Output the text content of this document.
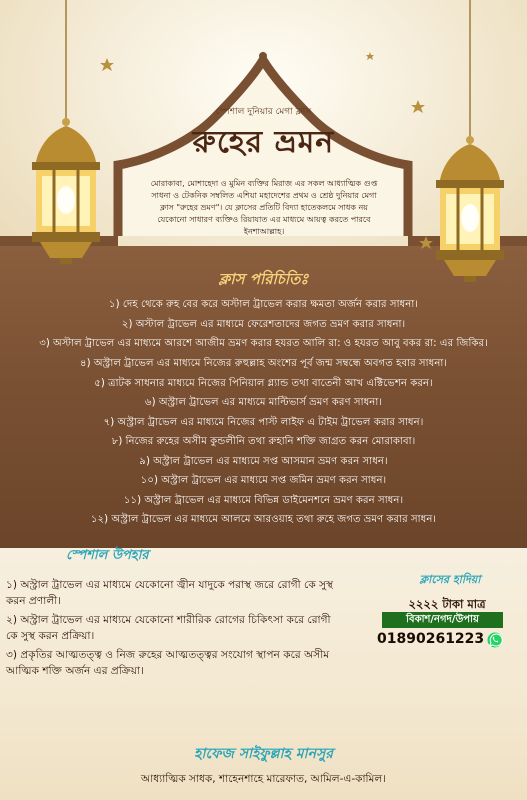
স্পেশাল দুনিয়ার মেগা ক্লাস
রুহের ভ্রমন
মোরাকাবা, মোশাহেদা ও মুমিন ব্যক্তির মিরাজ এর সকল আধ্যাত্মিক গুপ্ত সাধনা ও টেকনিক সম্বলিত এশিয়া মহাদেশের প্রথম ও শ্রেষ্ঠ দুনিয়ার মেগা ক্লাস "রুহের ভ্রমণ"। যে ক্লাসের প্রতিটি বিদ্যা হাতেকলমে সাধক নয় যেকোনো সাধারণ ব্যক্তিও রিয়াযাত এর মাধ্যমে আয়ত্ব করতে পারবে ইনশাআল্লাহ।
ক্লাস পরিচিতিঃ
১) দেহ থেকে রুহ বের করে অস্টাল ট্রাভেল করার ক্ষমতা অর্জন করার সাধনা।
২) অস্টাল ট্রাভেল এর মাধ্যমে ফেরেশতাদের জগত ভ্রমণ করার সাধনা।
৩) অস্টাল ট্রাভেল এর মাধ্যমে আরশে আজীম ভ্রমণ করার হযরত আলি রা: ও হযরত আবু বকর রা: এর জিকির।
৪) অস্ট্রাল ট্রাভেল এর মাধ্যমে নিজের রুহুল্লাহ অংশের পূর্ব জন্ম সম্বন্ধে অবগত হবার সাধনা।
৫) ত্রাটক সাধনার মাধ্যমে নিজের পিনিয়াল গ্ল্যান্ড তথা বাতেনী আখ এক্টিভেশন করন।
৬) অস্ট্রাল ট্রাভেল এর মাধ্যমে মাল্টিভার্স ভ্রমণ করণ সাধনা।
৭) অস্ট্রাল ট্রাভেল এর মাধ্যমে নিজের পাস্ট লাইফ এ টাইম ট্রাভেল করার সাধন।
৮) নিজের রুহের অসীম কুন্ডলীনি তথা রুহানি শক্তি জাগ্রত করন মোরাকাবা।
৯) অস্ট্রাল ট্রাভেল এর মাধ্যমে সপ্ত আসমান ভ্রমণ করন সাধন।
১০) অস্ট্রাল ট্রাভেল এর মাধ্যমে সপ্ত জমিন ভ্রমণ করন সাধন।
১১) অস্ট্রাল ট্রাভেল এর মাধ্যমে বিভিন্ন ডাইমেনশনে ভ্রমণ করন সাধন।
১২) অস্ট্রাল ট্রাভেল এর মাধ্যমে আলমে আরওয়াহ তথা রুহে জগত ভ্রমণ করার সাধন।
স্পেশাল উপহার
১) অস্ট্রাল ট্রাভেল এর মাধ্যমে যেকোনো জ্বীন যাদুকে পরাস্থ জরে রোগী কে সুস্থ করন প্রণালী।
২) অস্ট্রাল ট্রাভেল এর মাধ্যমে যেকোনো শারীরিক রোগের চিকিৎসা করে রোগী কে সুস্থ করন প্রক্রিয়া।
৩) প্রকৃতির আত্মতত্ত্ব ও নিজ রুহের আত্মতত্ত্বর সংযোগ স্থাপন করে অসীম আত্মিক শক্তি অর্জন এর প্রক্রিয়া।
ক্লাসের হাদিয়া
২২২২ টাকা মাত্র
বিকাশ/নগদ/উপায়
01890261223
হাফেজ সাইফুল্লাহ মানসুর
আধ্যাত্মিক সাধক, শাহেনশাহে মারেফাত, আমিল-এ-কামিল।
